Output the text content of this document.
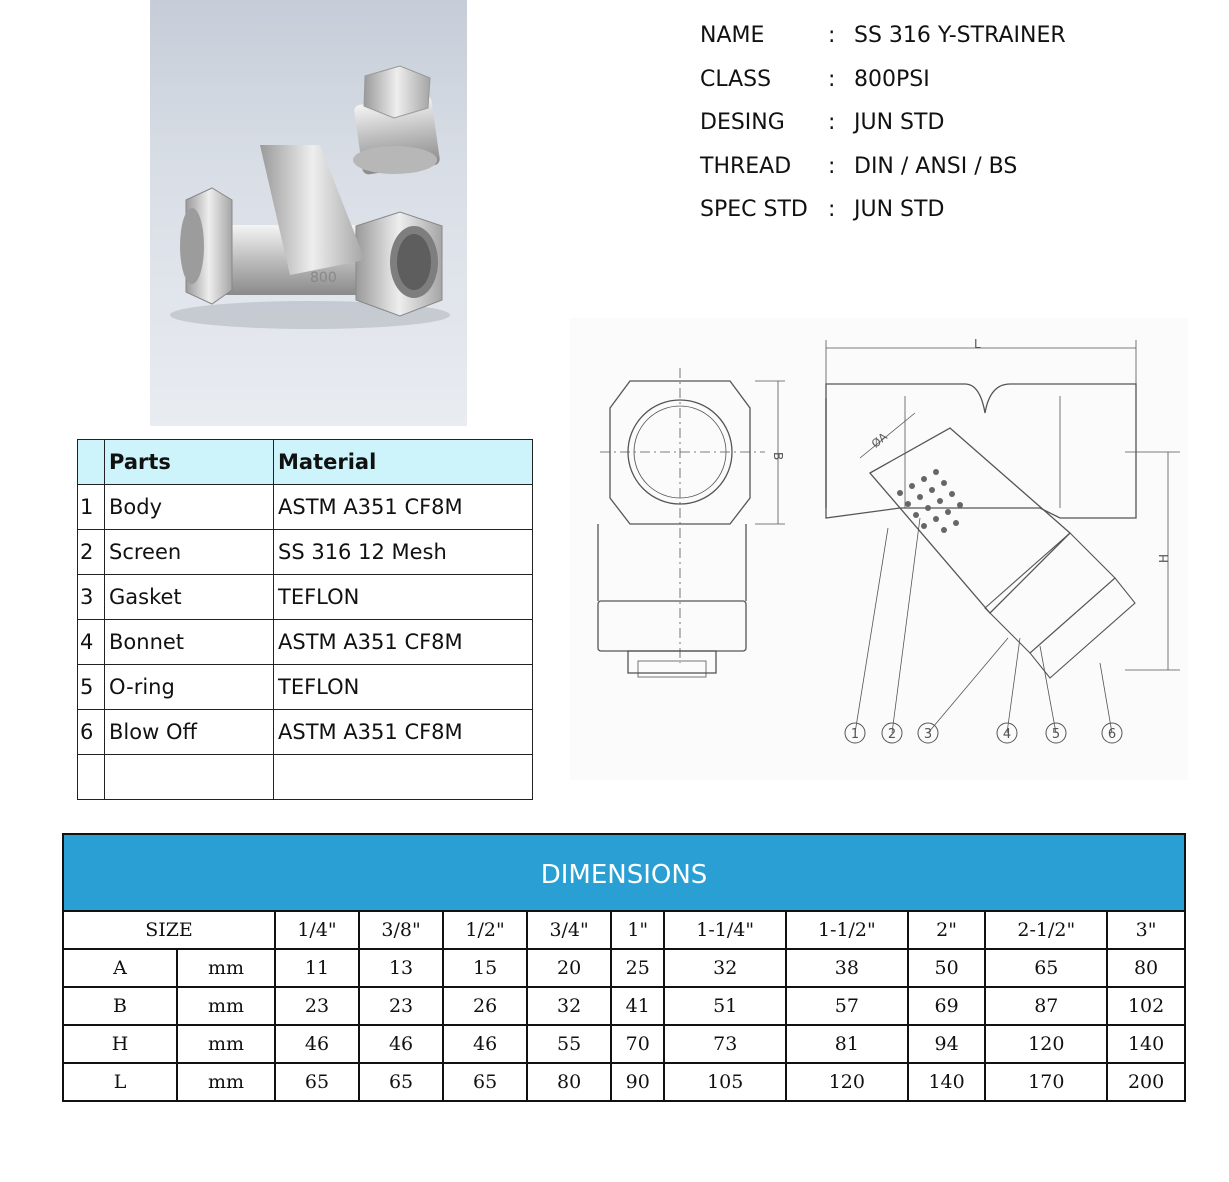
800
NAME	: SS 316 Y-STRAINER
CLASS	: 800PSI
DESING	: JUN STD
THREAD	: DIN / ANSI / BS
SPEC STD : JUN STD
	Parts	Material
1	Body	ASTM A351 CF8M
2	Screen	SS 316 12 Mesh
3	Gasket	TEFLON
4	Bonnet	ASTM A351 CF8M
5	O-ring	TEFLON
6	Blow Off	ASTM A351 CF8M

B
L
ØA
H
1 2 3	4	5	6
DIMENSIONS
SIZE		1/4"	3/8"	1/2"	3/4"	1"	1-1/4"	1-1/2"	2"	2-1/2"	3"
A	mm	11	13	15	20	25	32	38	50	65	80
B	mm	23	23	26	32	41	51	57	69	87	102
H	mm	46	46	46	55	70	73	81	94	120	140
L	mm	65	65	65	80	90	105	120	140	170	200
